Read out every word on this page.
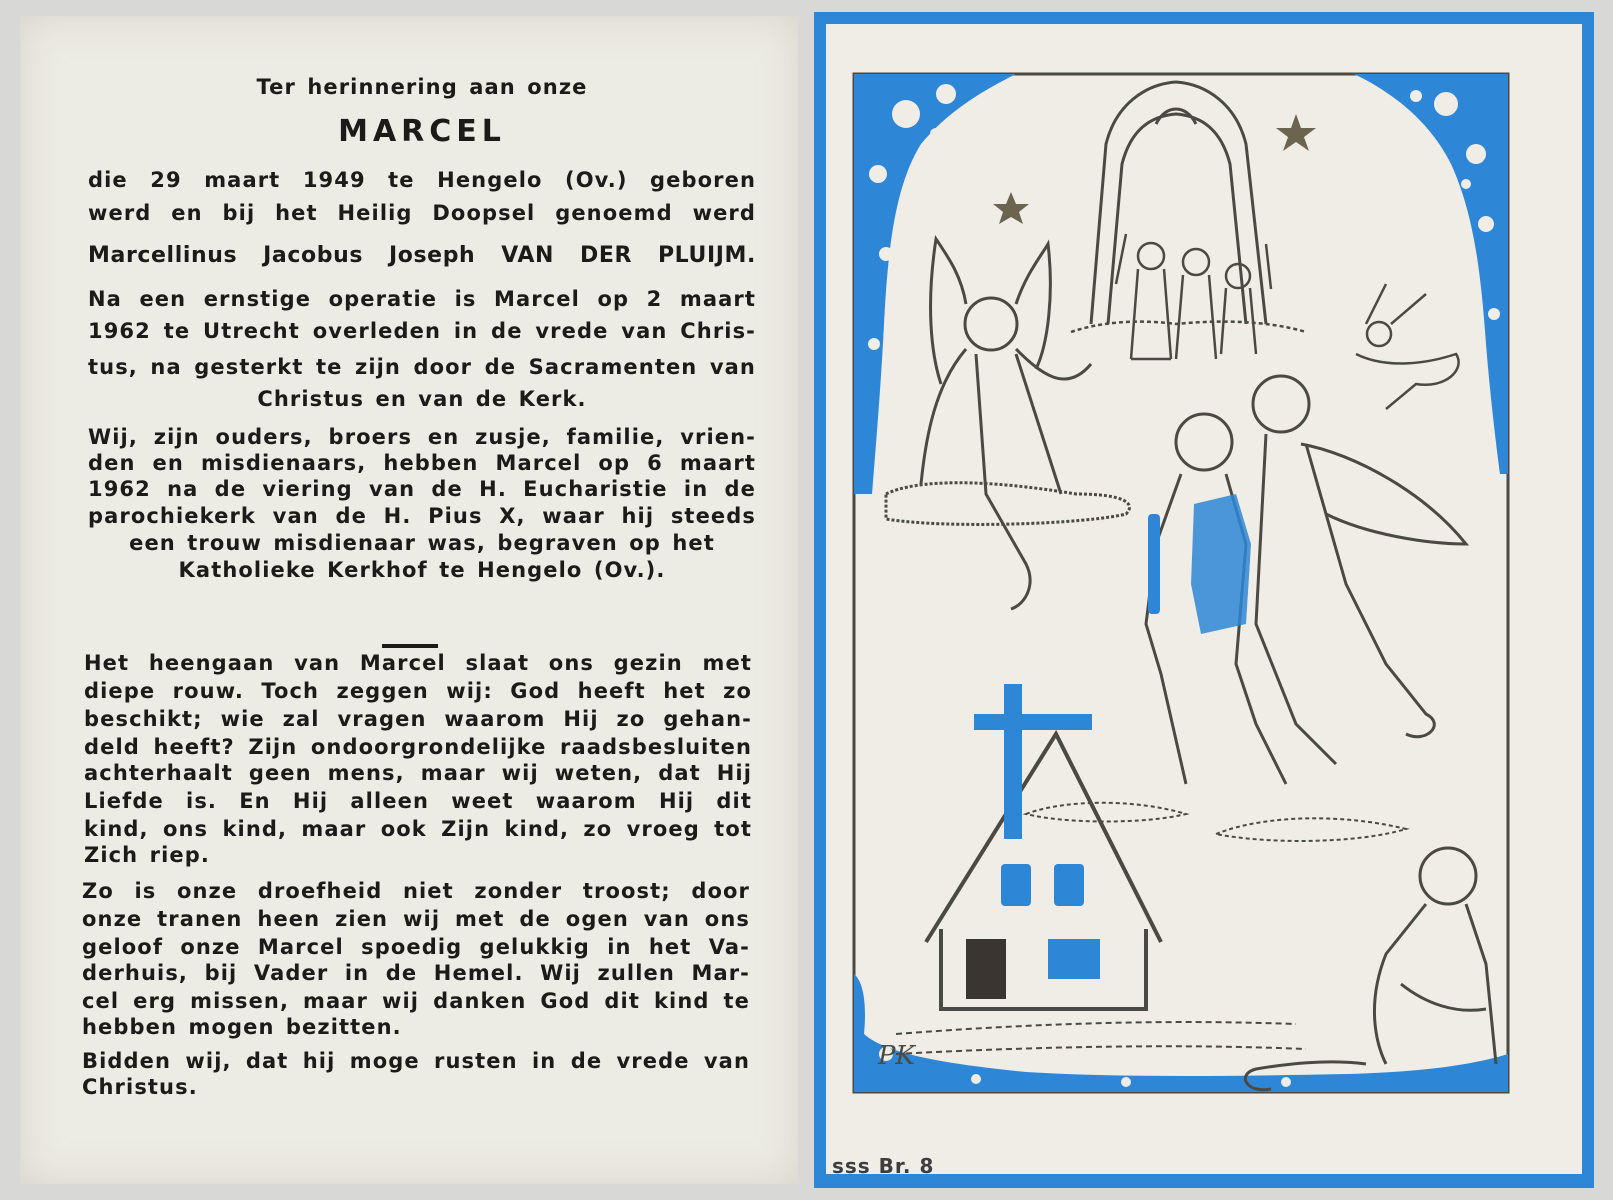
Ter herinnering aan onze
MARCEL
die 29 maart 1949 te Hengelo (Ov.) geboren
werd en bij het Heilig Doopsel genoemd werd
Marcellinus Jacobus Joseph VAN DER PLUIJM.
Na een ernstige operatie is Marcel op 2 maart
1962 te Utrecht overleden in de vrede van Chris-
tus, na gesterkt te zijn door de Sacramenten van
Christus en van de Kerk.
Wij, zijn ouders, broers en zusje, familie, vrien-
den en misdienaars, hebben Marcel op 6 maart
1962 na de viering van de H. Eucharistie in de
parochiekerk van de H. Pius X, waar hij steeds
een trouw misdienaar was, begraven op het
Katholieke Kerkhof te Hengelo (Ov.).
Het heengaan van Marcel slaat ons gezin met
diepe rouw. Toch zeggen wij: God heeft het zo
beschikt; wie zal vragen waarom Hij zo gehan-
deld heeft? Zijn ondoorgrondelijke raadsbesluiten
achterhaalt geen mens, maar wij weten, dat Hij
Liefde is. En Hij alleen weet waarom Hij dit
kind, ons kind, maar ook Zijn kind, zo vroeg tot
Zich riep.
Zo is onze droefheid niet zonder troost; door
onze tranen heen zien wij met de ogen van ons
geloof onze Marcel spoedig gelukkig in het Va-
derhuis, bij Vader in de Hemel. Wij zullen Mar-
cel erg missen, maar wij danken God dit kind te
hebben mogen bezitten.
Bidden wij, dat hij moge rusten in de vrede van
Christus.
PK
sss Br. 8
